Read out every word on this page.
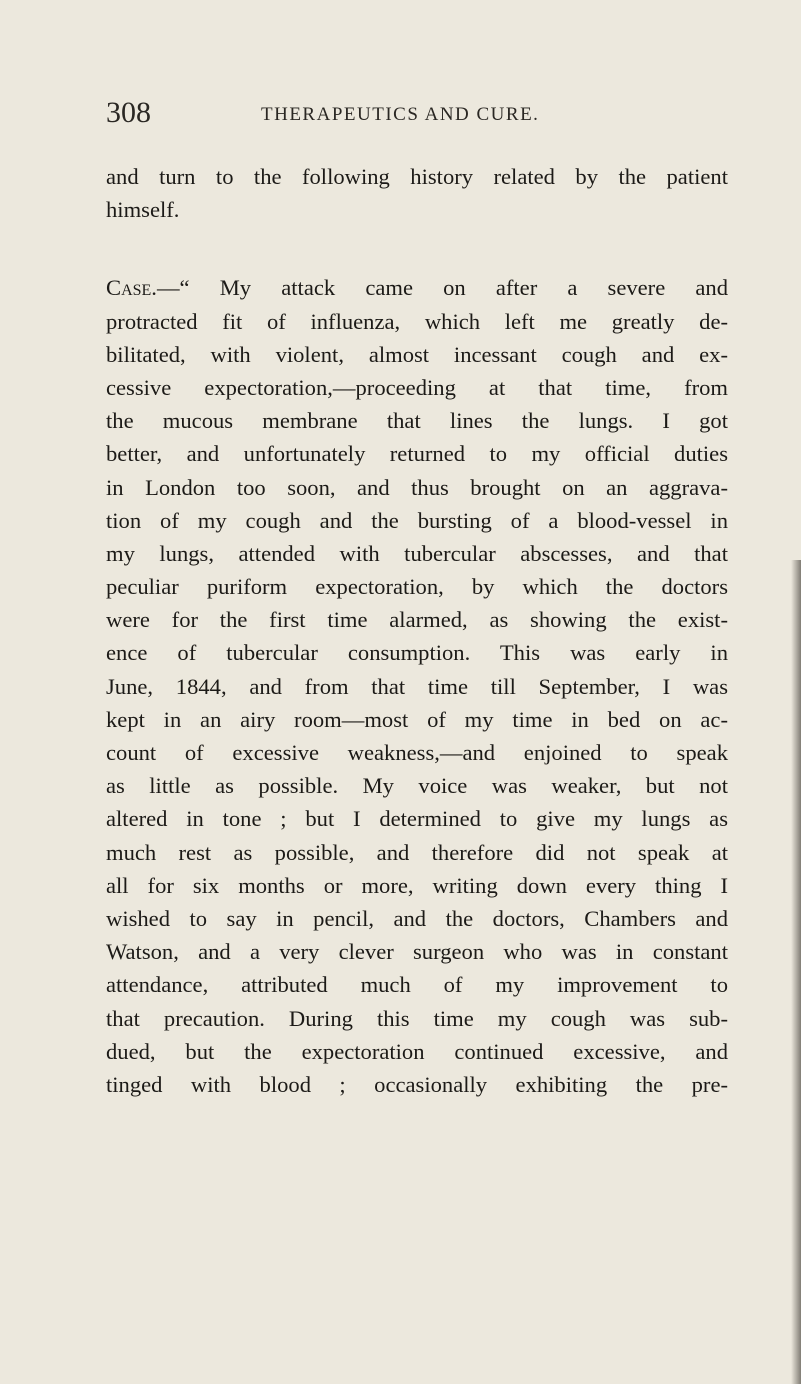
308	THERAPEUTICS AND CURE.
and turn to the following history related by the patient
himself.
Case.—“ My attack came on after a severe and
protracted fit of influenza, which left me greatly de-
bilitated, with violent, almost incessant cough and ex-
cessive expectoration,—proceeding at that time, from
the mucous membrane that lines the lungs. I got
better, and unfortunately returned to my official duties
in London too soon, and thus brought on an aggrava-
tion of my cough and the bursting of a blood-vessel in
my lungs, attended with tubercular abscesses, and that
peculiar puriform expectoration, by which the doctors
were for the first time alarmed, as showing the exist-
ence of tubercular consumption. This was early in
June, 1844, and from that time till September, I was
kept in an airy room—most of my time in bed on ac-
count of excessive weakness,—and enjoined to speak
as little as possible. My voice was weaker, but not
altered in tone ; but I determined to give my lungs as
much rest as possible, and therefore did not speak at
all for six months or more, writing down every thing I
wished to say in pencil, and the doctors, Chambers and
Watson, and a very clever surgeon who was in constant
attendance, attributed much of my improvement to
that precaution. During this time my cough was sub-
dued, but the expectoration continued excessive, and
tinged with blood ; occasionally exhibiting the pre-
